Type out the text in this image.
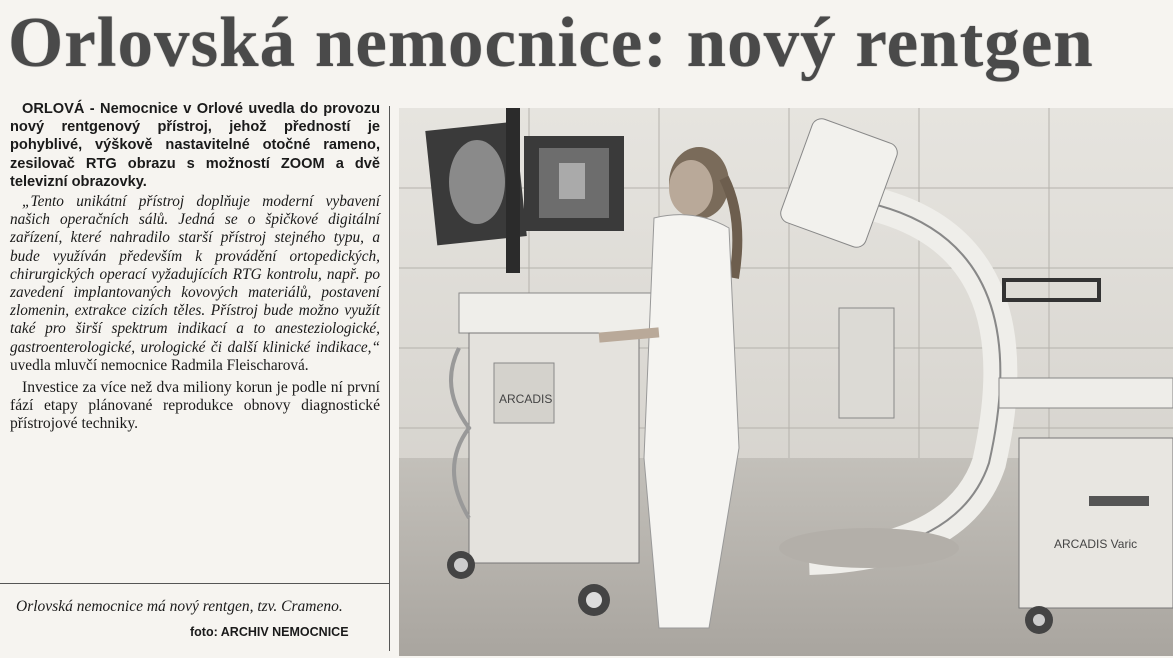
Orlovská nemocnice: nový rentgen

ORLOVÁ - Nemocnice v Orlové uvedla do provozu nový rentgenový přístroj, jehož předností je pohyblivé, výškově nastavitelné otočné rameno, zesilovač RTG obrazu s možností ZOOM a dvě televizní obrazovky.

„Tento unikátní přístroj doplňuje moderní vybavení našich operačních sálů. Jedná se o špičkové digitální zařízení, které nahradilo starší přístroj stejného typu, a bude využíván především k provádění ortopedických, chirurgických operací vyžadujících RTG kontrolu, např. po zavedení implantovaných kovových materiálů, postavení zlomenin, extrakce cizích těles. Přístroj bude možno využít také pro širší spektrum indikací a to anesteziologické, gastroenterologické, urologické či další klinické indikace,“ uvedla mluvčí nemocnice Radmila Fleischarová.

Investice za více než dva miliony korun je podle ní první fází etapy plánované reprodukce obnovy diagnostické přístrojové techniky.

Orlovská nemocnice má nový rentgen, tzv. Crameno.
foto: ARCHIV NEMOCNICE
ARCADIS
ARCADIS Varic
